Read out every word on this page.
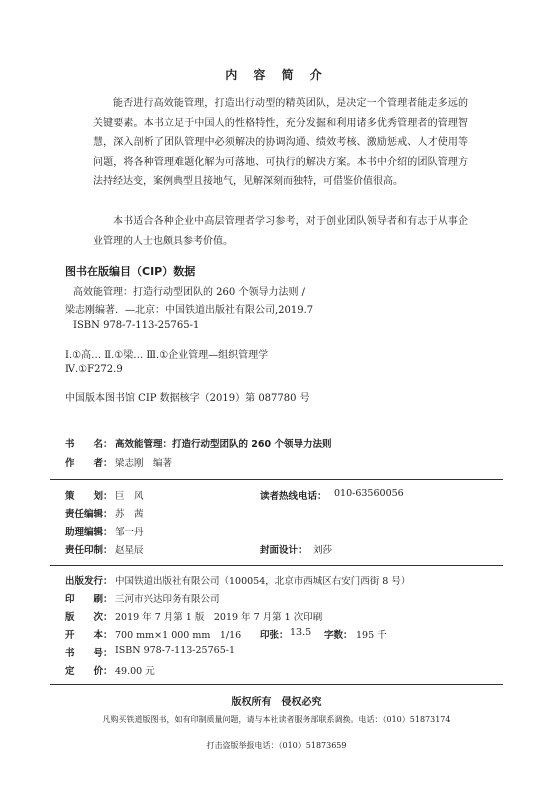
内 容 简 介
能否进行高效能管理，打造出行动型的精英团队，是决定一个管理者能走多远的关键要素。本书立足于中国人的性格特性，充分发掘和利用诸多优秀管理者的管理智慧，深入剖析了团队管理中必须解决的协调沟通、绩效考核、激励惩戒、人才使用等问题，将各种管理难题化解为可落地、可执行的解决方案。本书中介绍的团队管理方法持经达变，案例典型且接地气，见解深刻而独特，可借鉴价值很高。
本书适合各种企业中高层管理者学习参考，对于创业团队领导者和有志于从事企业管理的人士也颇具参考价值。
图书在版编目（CIP）数据
高效能管理：打造行动型团队的 260 个领导力法则 /
梁志刚编著．—北京：中国铁道出版社有限公司,2019.7
ISBN 978-7-113-25765-1
Ⅰ.①高… Ⅱ.①梁… Ⅲ.①企业管理—组织管理学
Ⅳ.①F272.9
中国版本图书馆 CIP 数据核字（2019）第 087780 号
书　　名： 高效能管理：打造行动型团队的 260 个领导力法则
作　　者： 梁志刚　编著
策　　划： 巨　风	读者热线电话： 010-63560056
责任编辑： 苏　茜
助理编辑： 邹一丹
责任印制： 赵星辰	封面设计： 刘莎
出版发行： 中国铁道出版社有限公司（100054，北京市西城区右安门西街 8 号）
印　　刷： 三河市兴达印务有限公司
版　　次： 2019 年 7 月第 1 版　2019 年 7 月第 1 次印刷
开　　本： 700 mm×1 000 mm　1/16 印张： 13.5 字数： 195 千
书　　号： ISBN 978-7-113-25765-1
定　　价： 49.00 元
版权所有　侵权必究
凡购买铁道版图书，如有印制质量问题，请与本社读者服务部联系调换。电话：（010）51873174
打击盗版举报电话：（010）51873659
